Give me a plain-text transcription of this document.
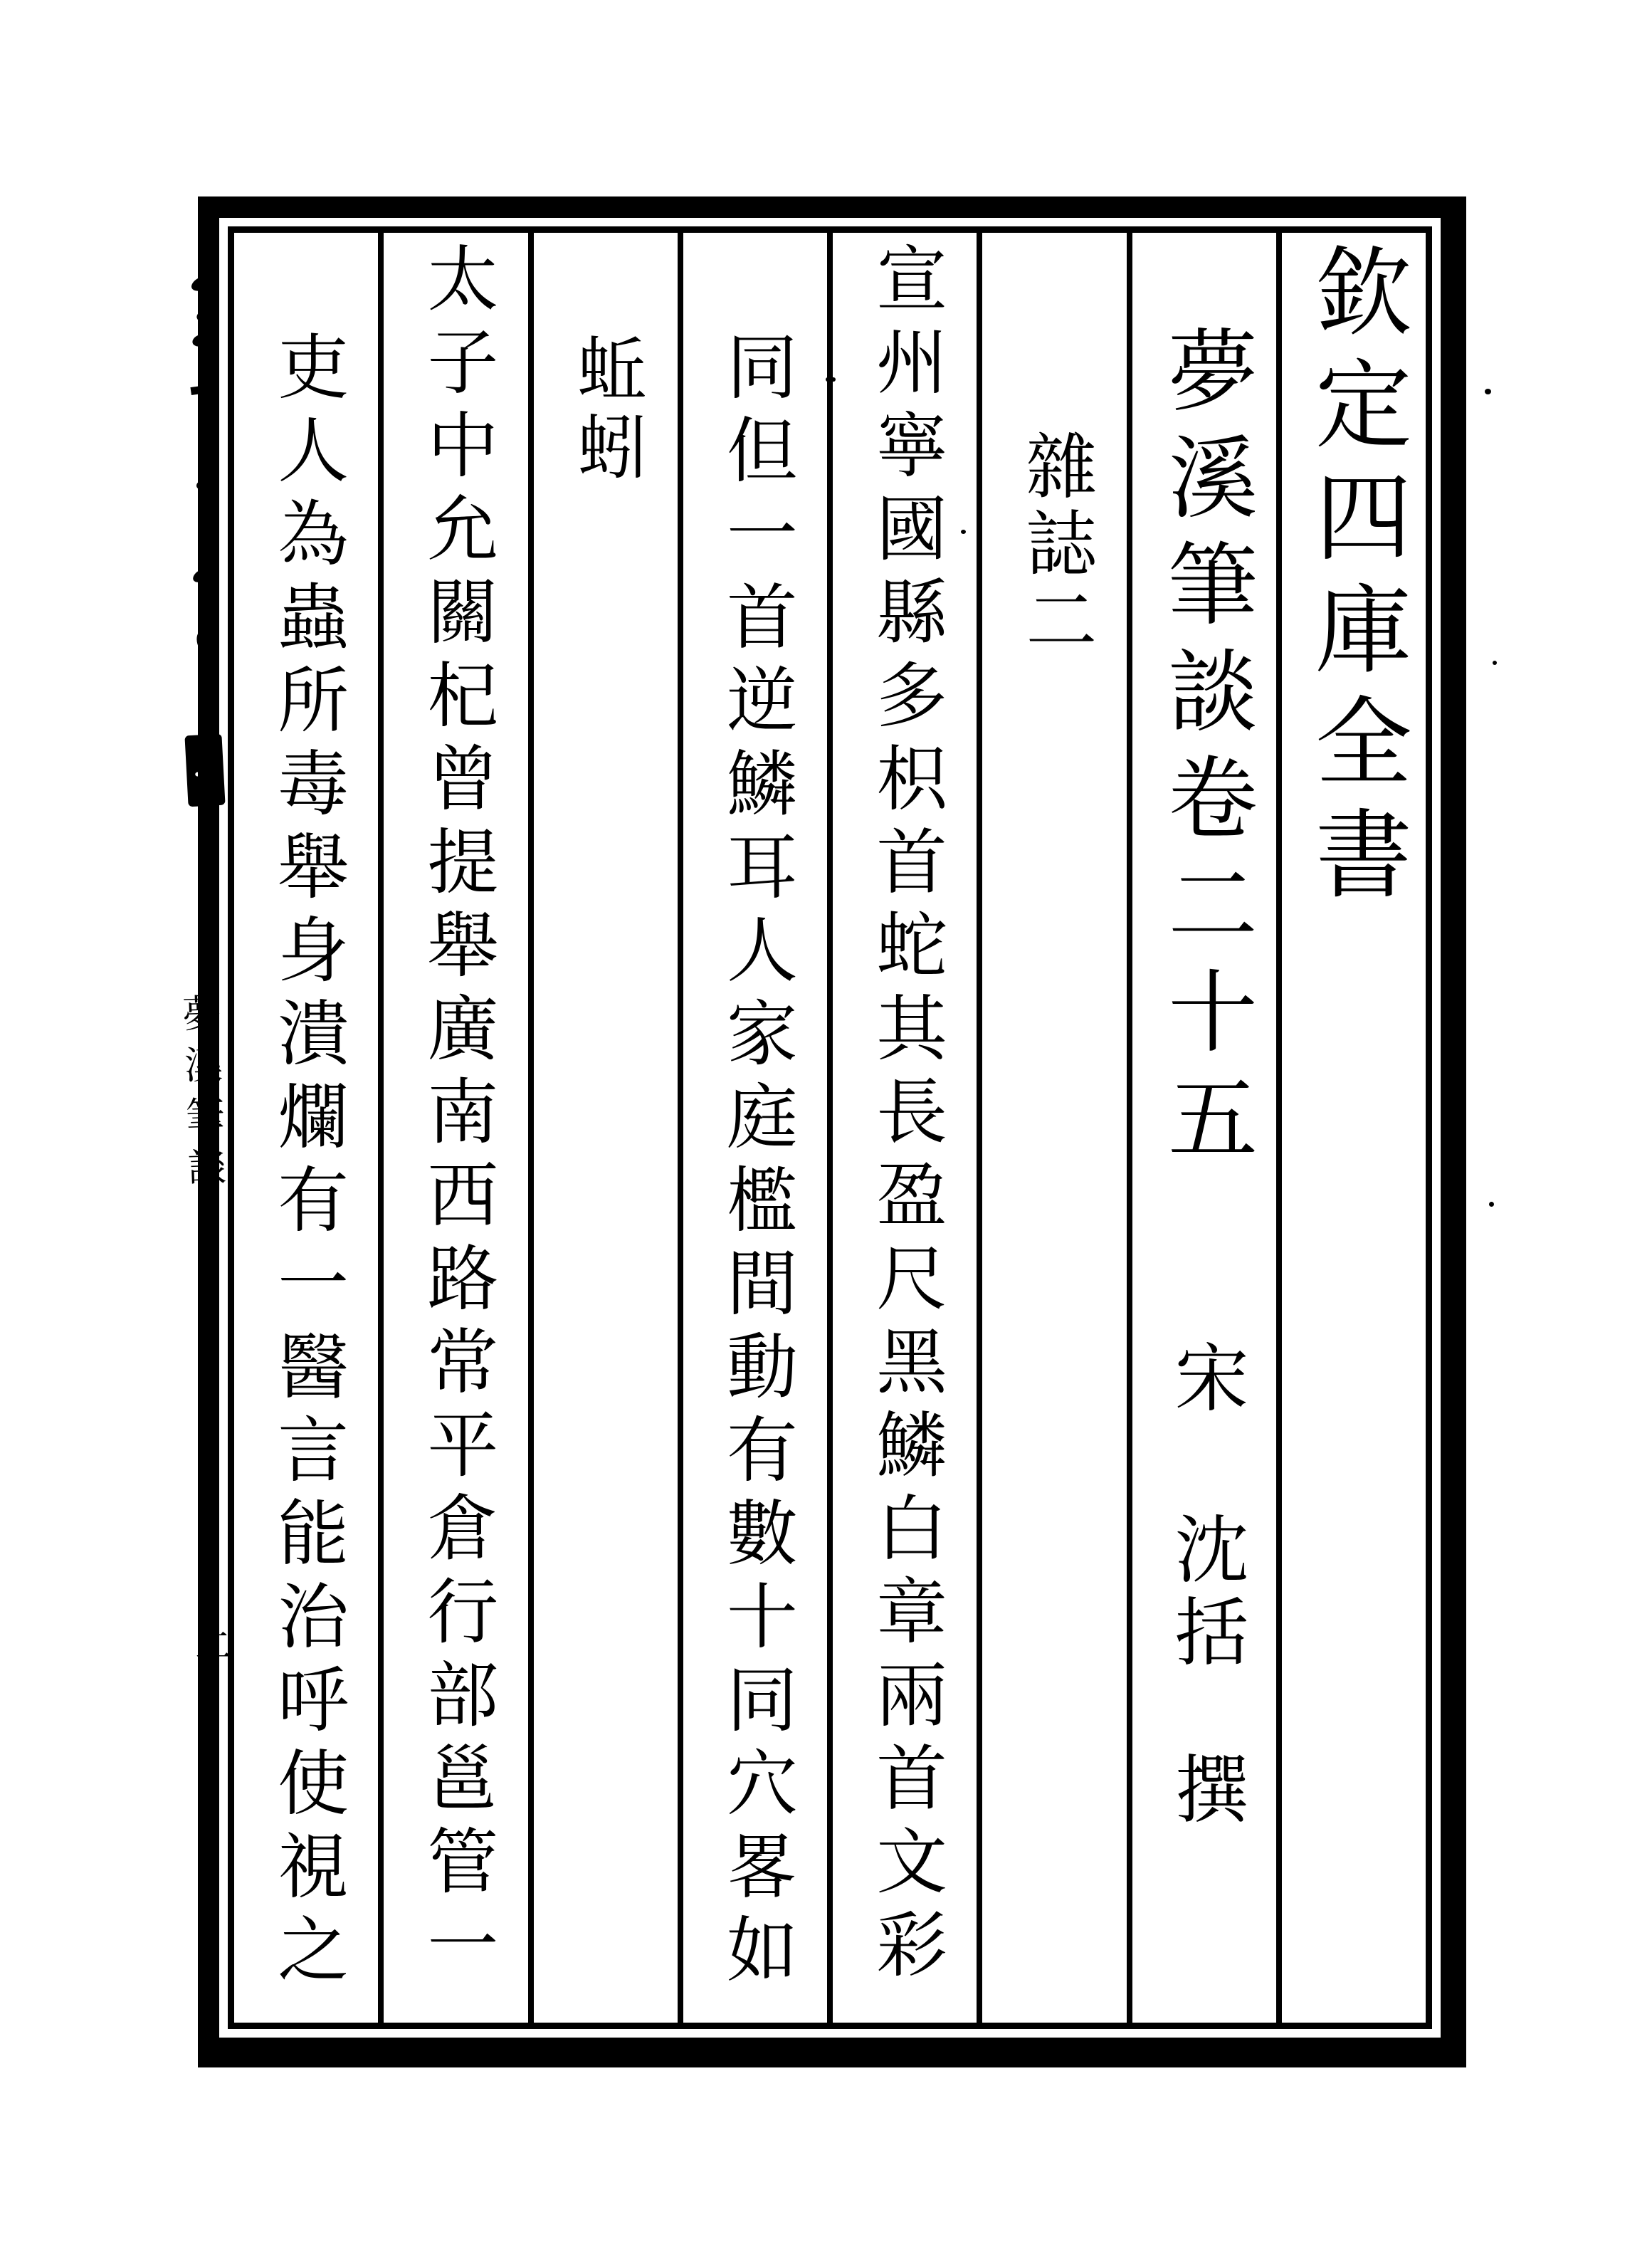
夢溪筆談
二
欽定四庫全書
夢溪筆談卷二十五
宋
沈括
撰
雜誌二
宣州寧國縣多枳首蛇其長盈尺黑鱗白章兩首文彩
同但一首逆鱗耳人家庭檻間動有數十同穴畧如
蚯蚓
太子中允關杞曾提舉廣南西路常平倉行部邕管一
吏人為蟲所毒舉身潰爛有一醫言能治呼使視之
